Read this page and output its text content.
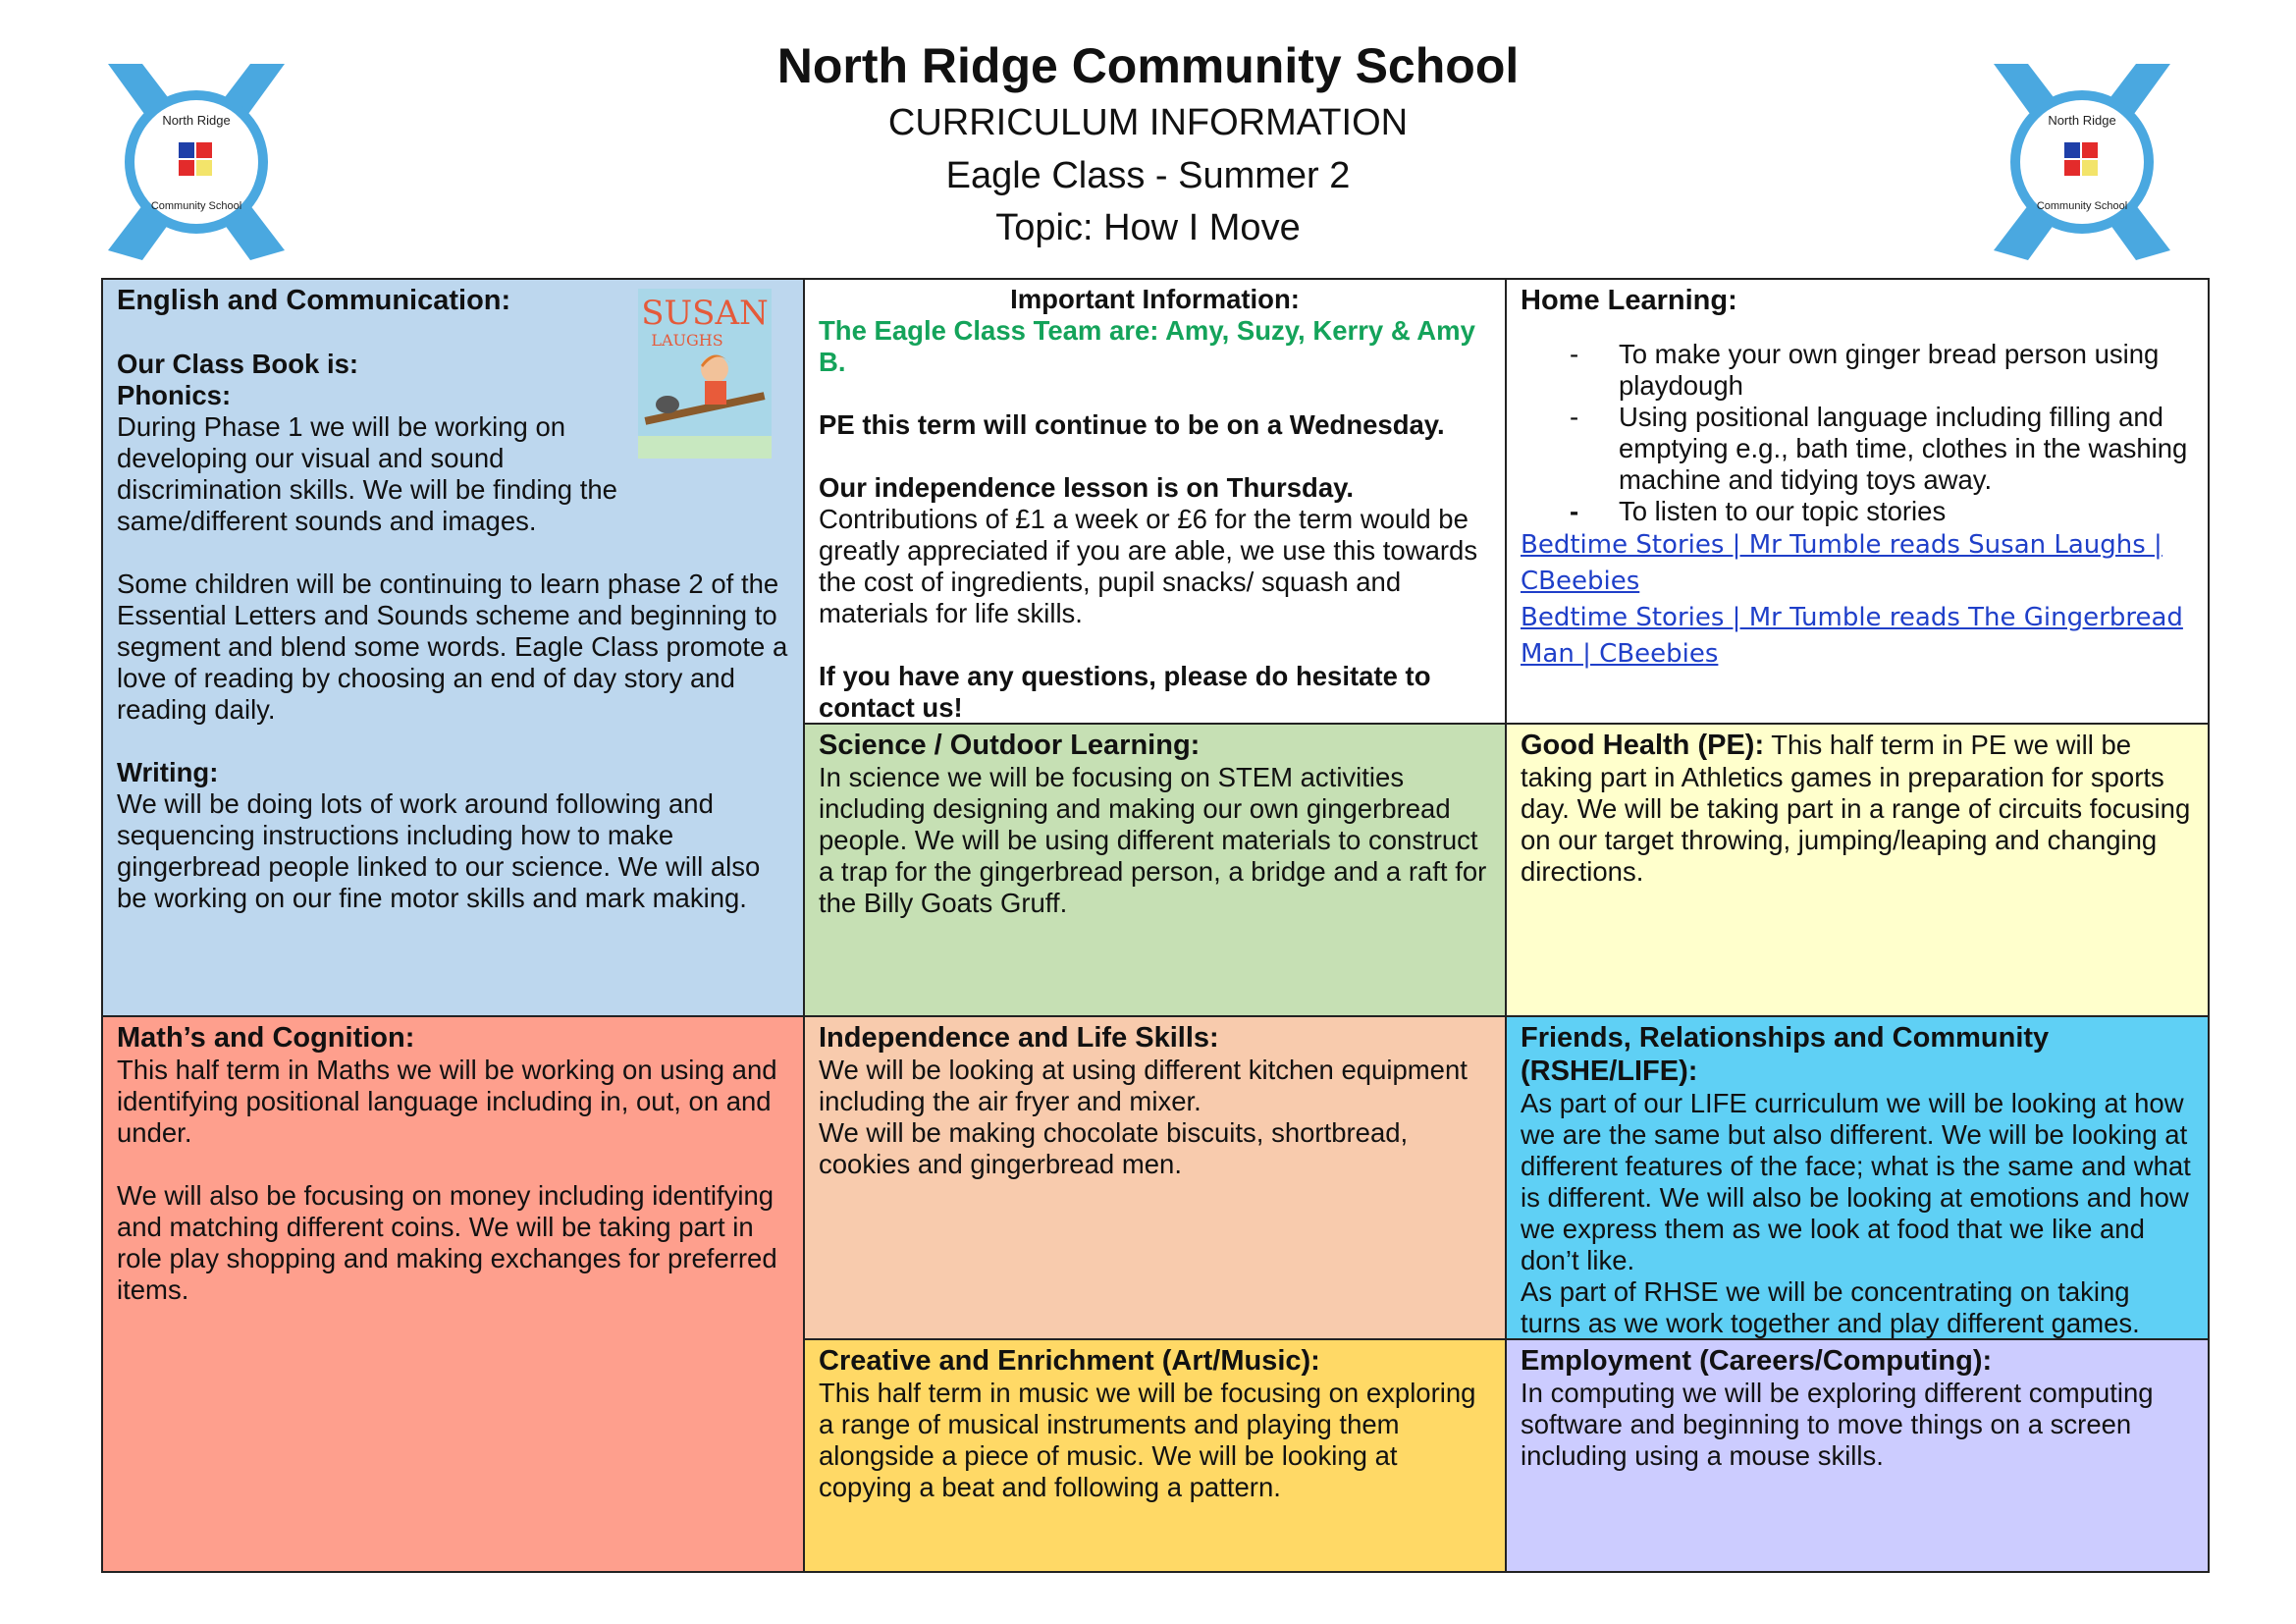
North Ridge
Community School
North Ridge
Community School
North Ridge Community School
CURRICULUM INFORMATION
Eagle Class - Summer 2
Topic: How I Move

English and Communication:

Our Class Book is:

Phonics:

During Phase 1 we will be working on developing our visual and sound discrimination skills. We will be finding the same/different sounds and images.

Some children will be continuing to learn phase 2 of the Essential Letters and Sounds scheme and beginning to segment and blend some words. Eagle Class promote a love of reading by choosing an end of day story and reading daily.

Writing:

We will be doing lots of work around following and sequencing instructions including how to make gingerbread people linked to our science. We will also be working on our fine motor skills and mark making.

SUSAN
LAUGHS

Important Information:

The Eagle Class Team are: Amy, Suzy, Kerry & Amy B.

PE this term will continue to be on a Wednesday.

Our independence lesson is on Thursday.

Contributions of £1 a week or £6 for the term would be greatly appreciated if you are able, we use this towards the cost of ingredients, pupil snacks/ squash and materials for life skills.

If you have any questions, please do hesitate to contact us!

Home Learning:

- To make your own ginger bread person using playdough
- Using positional language including filling and emptying e.g., bath time, clothes in the washing machine and tidying toys away.
- To listen to our topic stories
Bedtime Stories | Mr Tumble reads Susan Laughs | CBeebies
Bedtime Stories | Mr Tumble reads The Gingerbread Man | CBeebies

Science / Outdoor Learning:

In science we will be focusing on STEM activities including designing and making our own gingerbread people. We will be using different materials to construct a trap for the gingerbread person, a bridge and a raft for the Billy Goats Gruff.

Good Health (PE): This half term in PE we will be taking part in Athletics games in preparation for sports day. We will be taking part in a range of circuits focusing on our target throwing, jumping/leaping and changing directions.

Math’s and Cognition:

This half term in Maths we will be working on using and identifying positional language including in, out, on and under.

We will also be focusing on money including identifying and matching different coins. We will be taking part in role play shopping and making exchanges for preferred items.

Independence and Life Skills:

We will be looking at using different kitchen equipment including the air fryer and mixer.

We will be making chocolate biscuits, shortbread, cookies and gingerbread men.

Friends, Relationships and Community (RSHE/LIFE):

As part of our LIFE curriculum we will be looking at how we are the same but also different. We will be looking at different features of the face; what is the same and what is different. We will also be looking at emotions and how we express them as we look at food that we like and don’t like.

As part of RHSE we will be concentrating on taking turns as we work together and play different games.

Creative and Enrichment (Art/Music):

This half term in music we will be focusing on exploring a range of musical instruments and playing them alongside a piece of music. We will be looking at copying a beat and following a pattern.

Employment (Careers/Computing):

In computing we will be exploring different computing software and beginning to move things on a screen including using a mouse skills.
